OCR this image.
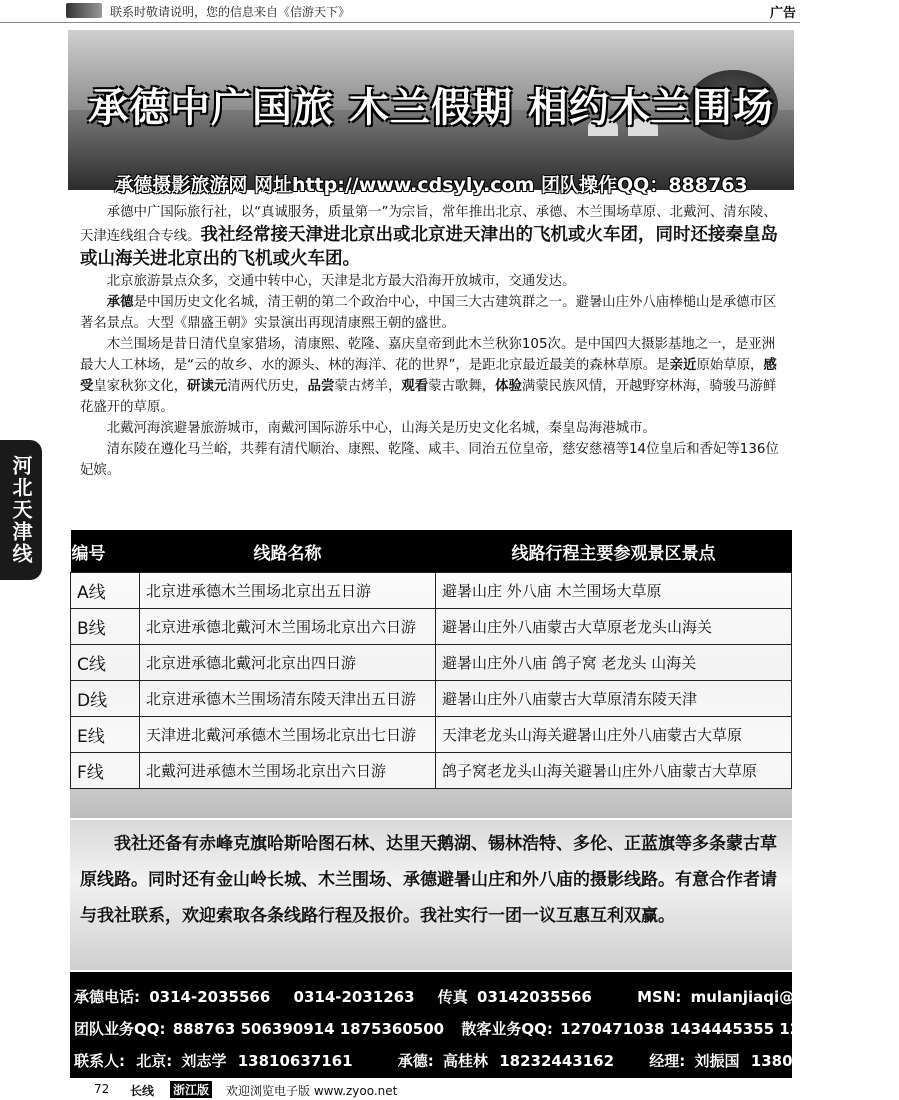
联系时敬请说明，您的信息来自《信游天下》	广告
承德中广国旅 木兰假期 相约木兰围场
承德摄影旅游网 网址http://www.cdsyly.com 团队操作QQ：888763

承德中广国际旅行社，以“真诚服务，质量第一”为宗旨，常年推出北京、承德、木兰围场草原、北戴河、清东陵、天津连线组合专线。我社经常接天津进北京出或北京进天津出的飞机或火车团，同时还接秦皇岛或山海关进北京出的飞机或火车团。

北京旅游景点众多，交通中转中心，天津是北方最大沿海开放城市，交通发达。

承德是中国历史文化名城，清王朝的第二个政治中心，中国三大古建筑群之一。避暑山庄外八庙棒槌山是承德市区著名景点。大型《鼎盛王朝》实景演出再现清康熙王朝的盛世。

木兰围场是昔日清代皇家猎场，清康熙、乾隆、嘉庆皇帝到此木兰秋狝105次。是中国四大摄影基地之一，是亚洲最大人工林场，是“云的故乡、水的源头、林的海洋、花的世界”，是距北京最近最美的森林草原。是亲近原始草原，感受皇家秋狝文化，研读元清两代历史，品尝蒙古烤羊，观看蒙古歌舞，体验满蒙民族风情，开越野穿林海，骑骏马游鲜花盛开的草原。

北戴河海滨避暑旅游城市，南戴河国际游乐中心，山海关是历史文化名城，秦皇岛海港城市。

清东陵在遵化马兰峪，共葬有清代顺治、康熙、乾隆、咸丰、同治五位皇帝，慈安慈禧等14位皇后和香妃等136位妃嫔。

河北天津线	编号	线路名称	线路行程主要参观景区景点
A线	北京进承德木兰围场北京出五日游	避暑山庄 外八庙 木兰围场大草原
B线	北京进承德北戴河木兰围场北京出六日游	避暑山庄外八庙蒙古大草原老龙头山海关
C线	北京进承德北戴河北京出四日游	避暑山庄外八庙 鸽子窝 老龙头 山海关
D线	北京进承德木兰围场清东陵天津出五日游	避暑山庄外八庙蒙古大草原清东陵天津
E线	天津进北戴河承德木兰围场北京出七日游	天津老龙头山海关避暑山庄外八庙蒙古大草原
F线	北戴河进承德木兰围场北京出六日游	鸽子窝老龙头山海关避暑山庄外八庙蒙古大草原

我社还备有赤峰克旗哈斯哈图石林、达里天鹅湖、锡林浩特、多伦、正蓝旗等多条蒙古草原线路。同时还有金山岭长城、木兰围场、承德避暑山庄和外八庙的摄影线路。有意合作者请与我社联系，欢迎索取各条线路行程及报价。我社实行一团一议互惠互利双赢。

承德电话: 0314-2035566 0314-2031263 传真 03142035566	MSN: mulanjiaqi@hotmail.com
团队业务QQ: 888763 506390914 1875360500 散客业务QQ: 1270471038 1434445355 1260102517
联系人: 北京: 刘志学 13810637161	承德: 高桂林 18232443162 经理: 刘振国 13803146270
72 长线 浙江版 欢迎浏览电子版 www.zyoo.net
